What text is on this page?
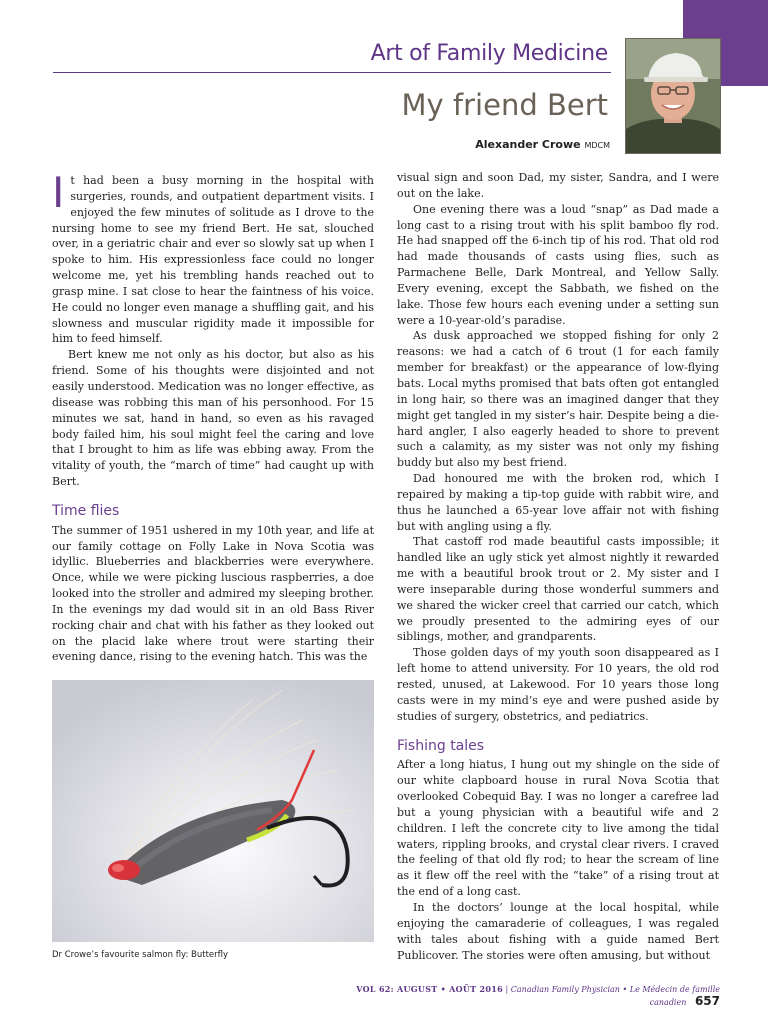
Art of Family Medicine
My friend Bert
Alexander Crowe MDCM

It had been a busy morning in the hospital with surgeries, rounds, and outpatient department visits. I enjoyed the few minutes of solitude as I drove to the nursing home to see my friend Bert. He sat, slouched over, in a geriatric chair and ever so slowly sat up when I spoke to him. His expressionless face could no longer welcome me, yet his trembling hands reached out to grasp mine. I sat close to hear the faintness of his voice. He could no longer even manage a shuffling gait, and his slowness and muscular rigidity made it impossible for him to feed himself.

Bert knew me not only as his doctor, but also as his friend. Some of his thoughts were disjointed and not easily understood. Medication was no longer effective, as disease was robbing this man of his personhood. For 15 minutes we sat, hand in hand, so even as his ravaged body failed him, his soul might feel the caring and love that I brought to him as life was ebbing away. From the vitality of youth, the “march of time” had caught up with Bert.

Time flies

The summer of 1951 ushered in my 10th year, and life at our family cottage on Folly Lake in Nova Scotia was idyllic. Blueberries and blackberries were everywhere. Once, while we were picking luscious raspberries, a doe looked into the stroller and admired my sleeping brother. In the evenings my dad would sit in an old Bass River rocking chair and chat with his father as they looked out on the placid lake where trout were starting their evening dance, rising to the evening hatch. This was the

Dr Crowe’s favourite salmon fly: Butterfly

visual sign and soon Dad, my sister, Sandra, and I were out on the lake.

One evening there was a loud “snap” as Dad made a long cast to a rising trout with his split bamboo fly rod. He had snapped off the 6-inch tip of his rod. That old rod had made thousands of casts using flies, such as Parmachene Belle, Dark Montreal, and Yellow Sally. Every evening, except the Sabbath, we fished on the lake. Those few hours each evening under a setting sun were a 10-year-old’s paradise.

As dusk approached we stopped fishing for only 2 reasons: we had a catch of 6 trout (1 for each family member for breakfast) or the appearance of low-flying bats. Local myths promised that bats often got entangled in long hair, so there was an imagined danger that they might get tangled in my sister’s hair. Despite being a die-hard angler, I also eagerly headed to shore to prevent such a calamity, as my sister was not only my fishing buddy but also my best friend.

Dad honoured me with the broken rod, which I repaired by making a tip-top guide with rabbit wire, and thus he launched a 65-year love affair not with fishing but with angling using a fly.

That castoff rod made beautiful casts impossible; it handled like an ugly stick yet almost nightly it rewarded me with a beautiful brook trout or 2. My sister and I were inseparable during those wonderful summers and we shared the wicker creel that carried our catch, which we proudly presented to the admiring eyes of our siblings, mother, and grandparents.

Those golden days of my youth soon disappeared as I left home to attend university. For 10 years, the old rod rested, unused, at Lakewood. For 10 years those long casts were in my mind’s eye and were pushed aside by studies of surgery, obstetrics, and pediatrics.

Fishing tales

After a long hiatus, I hung out my shingle on the side of our white clapboard house in rural Nova Scotia that overlooked Cobequid Bay. I was no longer a carefree lad but a young physician with a beautiful wife and 2 children. I left the concrete city to live among the tidal waters, rippling brooks, and crystal clear rivers. I craved the feeling of that old fly rod; to hear the scream of line as it flew off the reel with the “take” of a rising trout at the end of a long cast.

In the doctors’ lounge at the local hospital, while enjoying the camaraderie of colleagues, I was regaled with tales about fishing with a guide named Bert Publicover. The stories were often amusing, but without

VOL 62: AUGUST • AOÛT 2016 | Canadian Family Physician • Le Médecin de famille canadien 657
